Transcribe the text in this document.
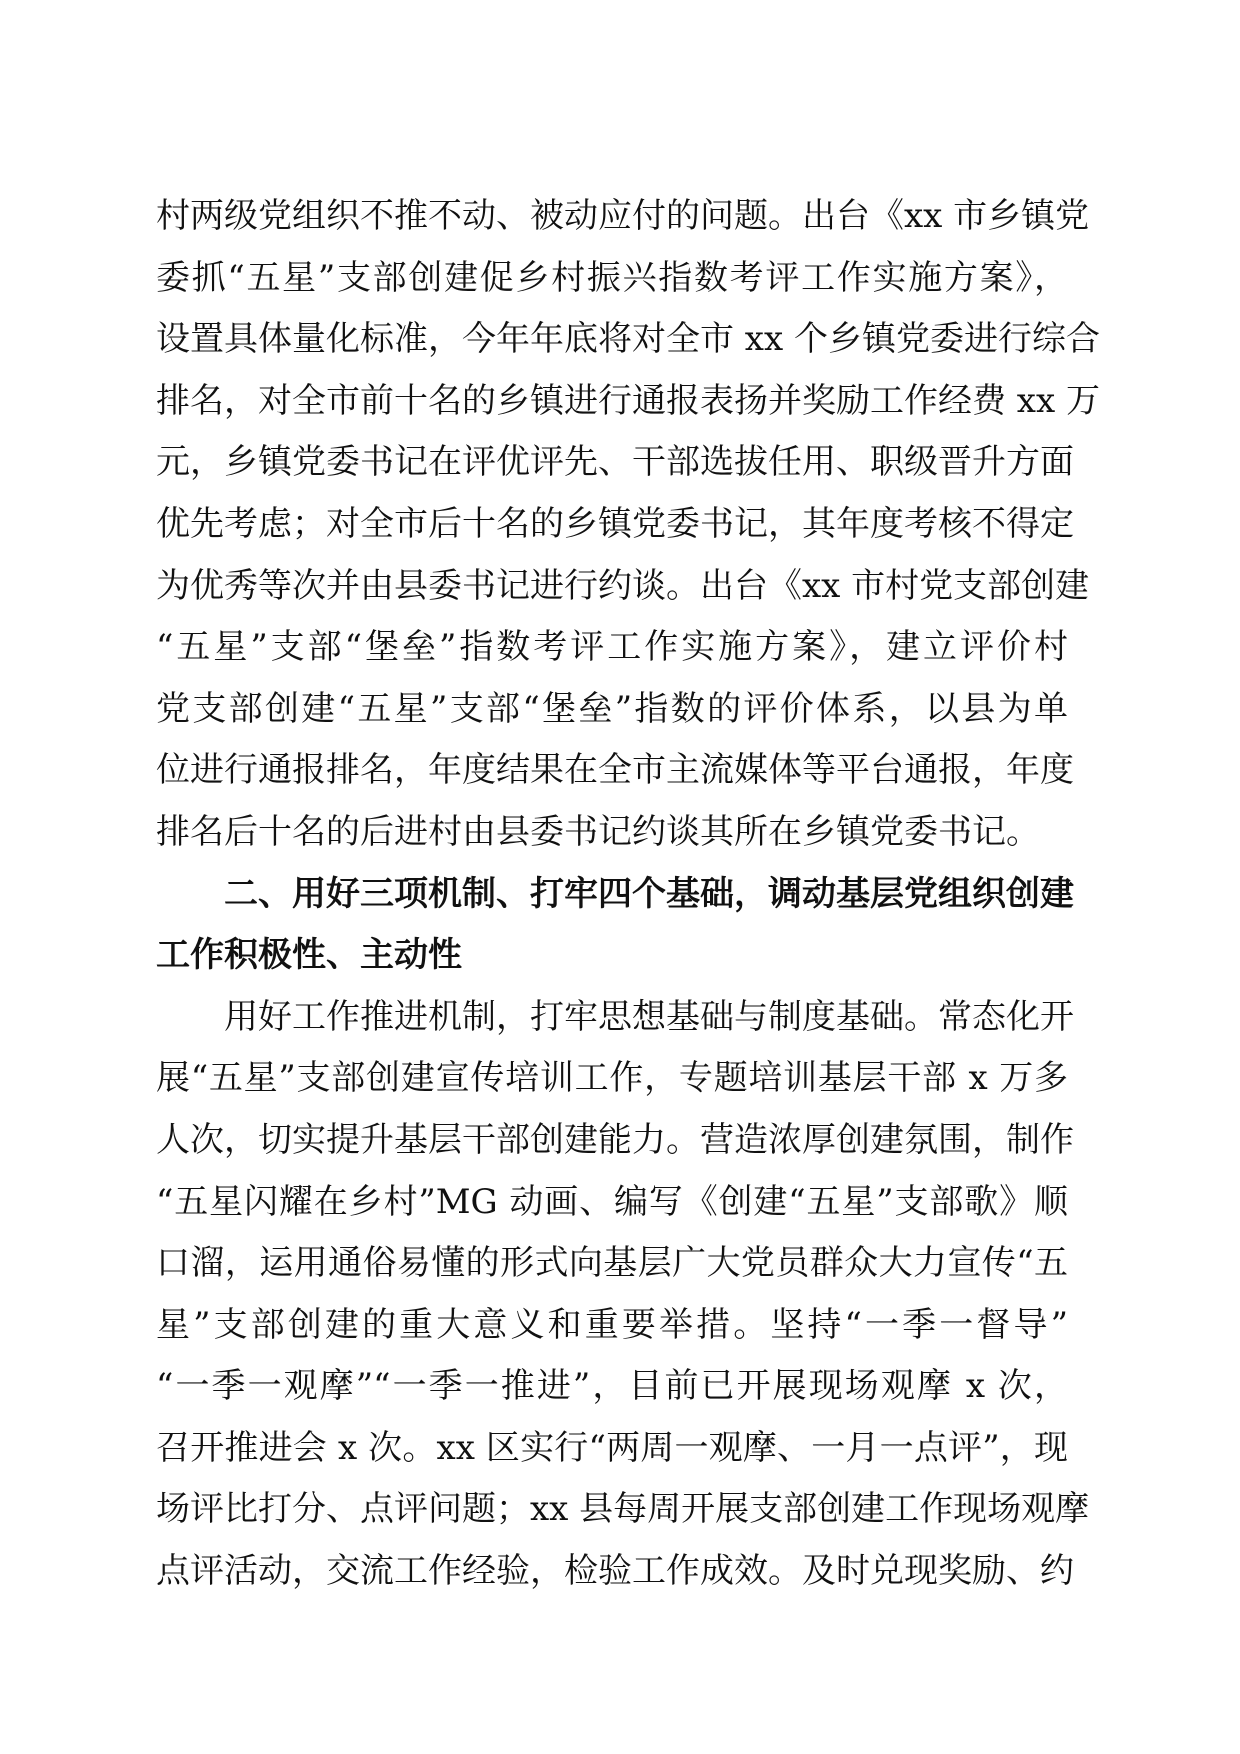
村两级党组织不推不动、被动应付的问题。出台《xx 市乡镇党
委抓“五星”支部创建促乡村振兴指数考评工作实施方案》，
设置具体量化标准，今年年底将对全市 xx 个乡镇党委进行综合
排名，对全市前十名的乡镇进行通报表扬并奖励工作经费 xx 万
元，乡镇党委书记在评优评先、干部选拔任用、职级晋升方面
优先考虑；对全市后十名的乡镇党委书记，其年度考核不得定
为优秀等次并由县委书记进行约谈。出台《xx 市村党支部创建
“五星”支部“堡垒”指数考评工作实施方案》，建立评价村
党支部创建“五星”支部“堡垒”指数的评价体系，以县为单
位进行通报排名，年度结果在全市主流媒体等平台通报，年度
排名后十名的后进村由县委书记约谈其所在乡镇党委书记。
二、用好三项机制、打牢四个基础，调动基层党组织创建
工作积极性、主动性
用好工作推进机制，打牢思想基础与制度基础。常态化开
展“五星”支部创建宣传培训工作，专题培训基层干部 x 万多
人次，切实提升基层干部创建能力。营造浓厚创建氛围，制作
“五星闪耀在乡村”MG 动画、编写《创建“五星”支部歌》顺
口溜，运用通俗易懂的形式向基层广大党员群众大力宣传“五
星”支部创建的重大意义和重要举措。坚持“一季一督导”
“一季一观摩”“一季一推进”，目前已开展现场观摩 x 次，
召开推进会 x 次。xx 区实行“两周一观摩、一月一点评”，现
场评比打分、点评问题；xx 县每周开展支部创建工作现场观摩
点评活动，交流工作经验，检验工作成效。及时兑现奖励、约
